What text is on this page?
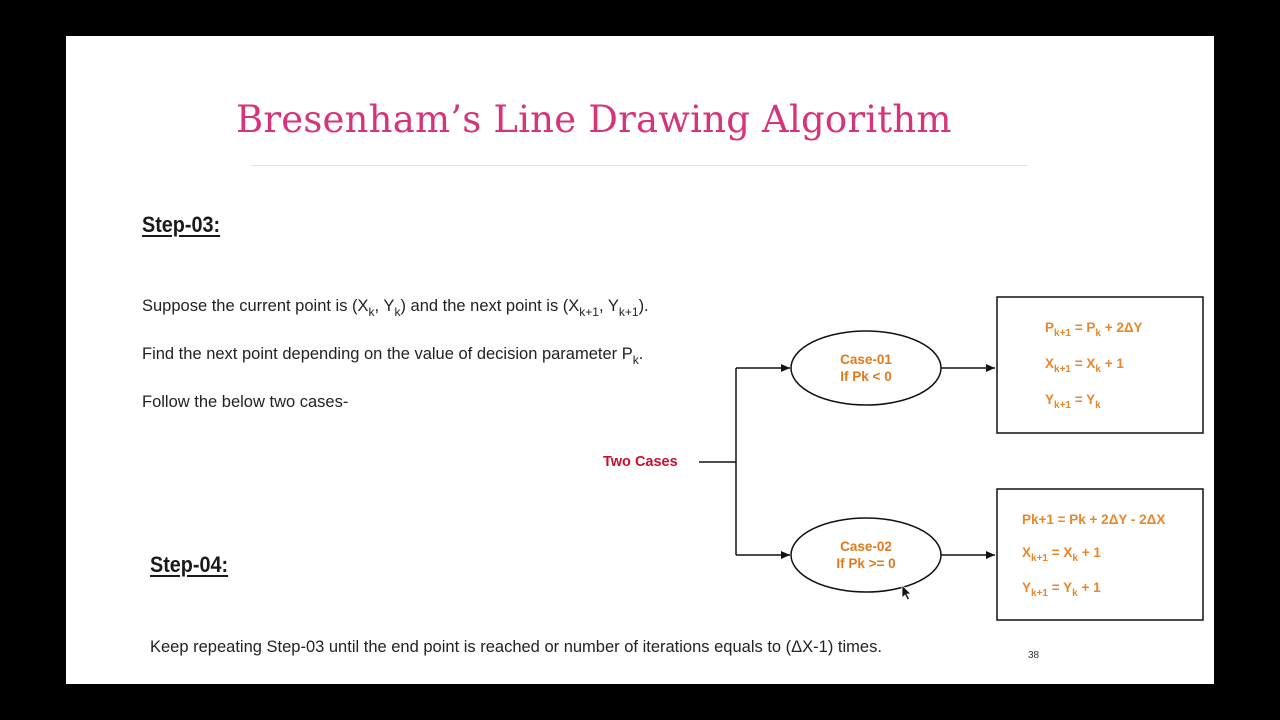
Bresenham’s Line Drawing Algorithm
Step-03:
Suppose the current point is ($X_k$, $Y_k$) and the next point is ($X_{k+1}$, $Y_{k+1}$).
Find the next point depending on the value of decision parameter $P_k$.
Follow the below two cases-
Step-04:
Keep repeating Step-03 until the end point is reached or number of iterations equals to (ΔX-1) times.	38
Two Cases
Case-01
If Pk < 0
Case-02
If Pk >= 0
$P_{k+1} = P_k + 2\Delta Y$
$X_{k+1} = X_k + 1$
$Y_{k+1} = Y_k$
Pk+1 = Pk + 2ΔY - 2ΔX
$X_{k+1} = X_k + 1$
$Y_{k+1} = Y_k + 1$
